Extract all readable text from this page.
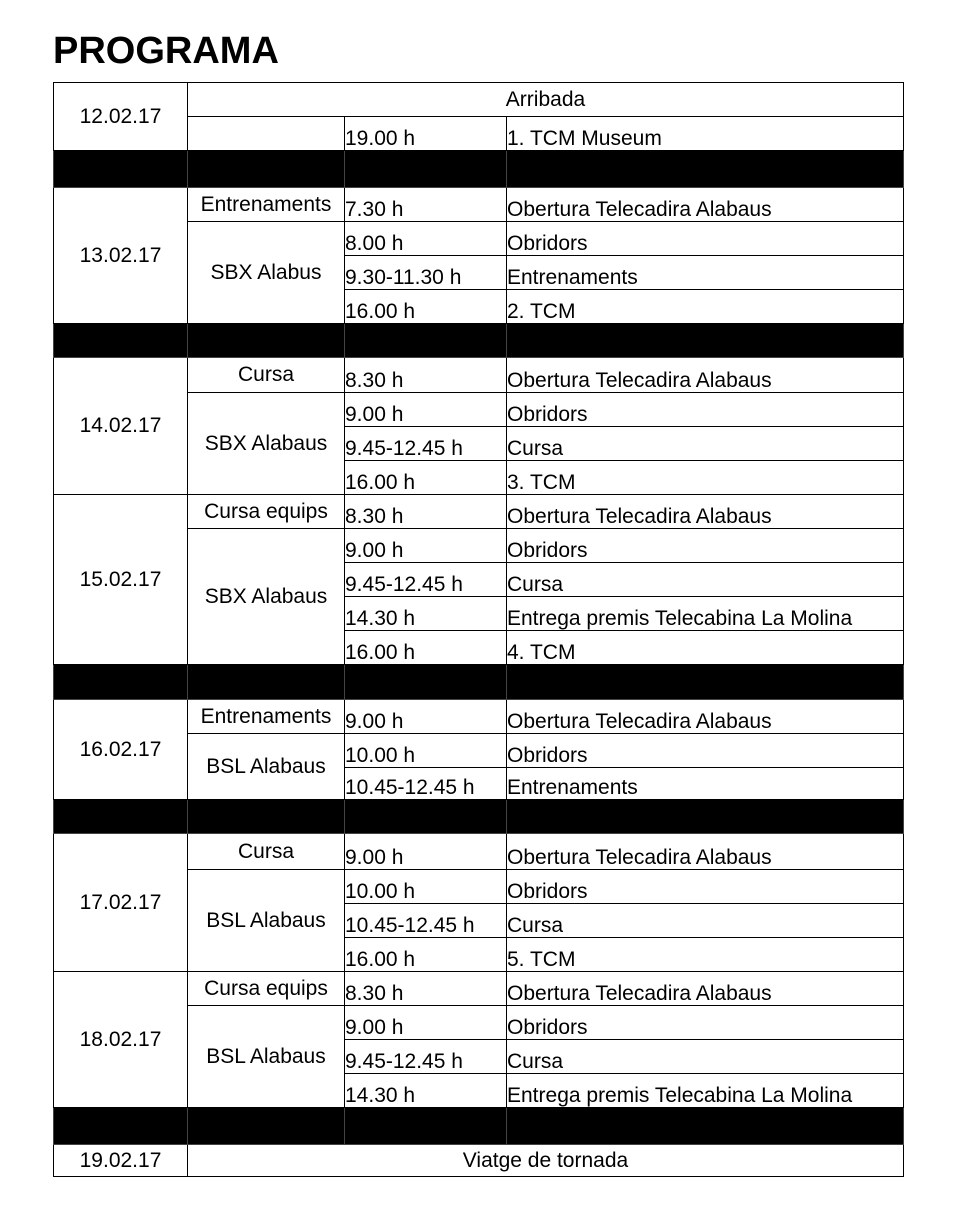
PROGRAMA
12.02.17	Arribada		
		19.00 h	1. TCM Museum

13.02.17	Entrenaments	7.30 h	Obertura Telecadira Alabaus
	SBX Alabus	8.00 h	Obridors
		9.30-11.30 h	Entrenaments
		16.00 h	2. TCM

14.02.17	Cursa	8.30 h	Obertura Telecadira Alabaus
	SBX Alabaus	9.00 h	Obridors
		9.45-12.45 h	Cursa
		16.00 h	3. TCM
15.02.17	Cursa equips	8.30 h	Obertura Telecadira Alabaus
	SBX Alabaus	9.00 h	Obridors
		9.45-12.45 h	Cursa
		14.30 h	Entrega premis Telecabina La Molina
		16.00 h	4. TCM

16.02.17	Entrenaments	9.00 h	Obertura Telecadira Alabaus
	BSL Alabaus	10.00 h	Obridors
		10.45-12.45 h	Entrenaments

17.02.17	Cursa	9.00 h	Obertura Telecadira Alabaus
	BSL Alabaus	10.00 h	Obridors
		10.45-12.45 h	Cursa
		16.00 h	5. TCM
18.02.17	Cursa equips	8.30 h	Obertura Telecadira Alabaus
	BSL Alabaus	9.00 h	Obridors
		9.45-12.45 h	Cursa
		14.30 h	Entrega premis Telecabina La Molina

19.02.17	Viatge de tornada		
